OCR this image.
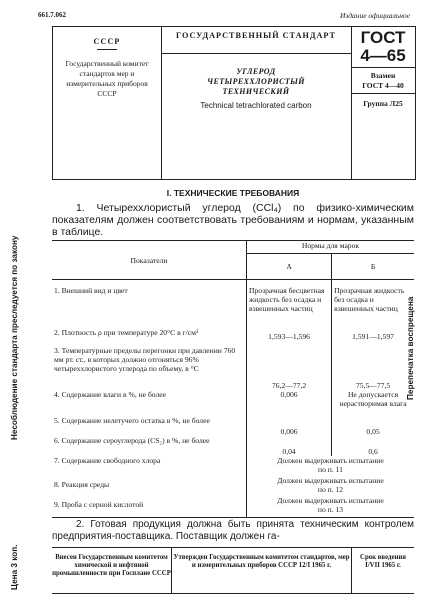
661.7.062	Издание официальное
СССР
Государственный комитет стандартов мер и измерительных приборов СССР
ГОСУДАРСТВЕННЫЙ СТАНДАРТ
УГЛЕРОД
ЧЕТЫРЕХХЛОРИСТЫЙ
ТЕХНИЧЕСКИЙ
Technical tetrachlorated carbon
ГОСТ
4—65
Взамен
ГОСТ 4—40
Группа Л25
I. ТЕХНИЧЕСКИЕ ТРЕБОВАНИЯ
1. Четыреххлористый углерод (CCl₄) по физико-химическим показателям должен соответствовать требованиям и нормам, указанным в таблице.
Показатели	Нормы для марок	
	А	Б
1. Внешний вид и цвет	Прозрачная бесцветная жидкость без осадка и взвешенных частиц	Прозрачная жидкость без осадка и взвешенных частиц
2. Плотность ρ при температуре 20°С в г/см³	1,593—1,596	1,591—1,597
3. Температурные пределы перегонки при давлении 760 мм рт. ст., в которых должно отгоняться 96% четыреххлористого углерода по объему, в °С	76,2—77,2	75,5—77,5
4. Содержание влаги в %, не более	0,006	Не допускается нерастворимая влага
5. Содержание нелетучего остатка в %, не более	0,006	0,05
6. Содержание сероуглерода (CS₂) в %, не более	0,04	0,6
7. Содержание свободного хлора	Должен выдерживать испытание по п. 11	
8. Реакция среды	Должен выдерживать испытание по п. 12	
9. Проба с серной кислотой	Должен выдерживать испытание по п. 13	
Несоблюдение стандарта преследуется по закону
Цена 3 коп.
Перепечатка воспрещена
2. Готовая продукция должна быть принята техническим контролем предприятия-поставщика. Поставщик должен га-
Внесен Государственным комитетом химической и нефтяной промышленности при Госплане СССР
Утвержден Государственным комитетом стандартов, мер и измерительных приборов СССР 12/I 1965 г.
Срок введения I/VII 1965 г.
